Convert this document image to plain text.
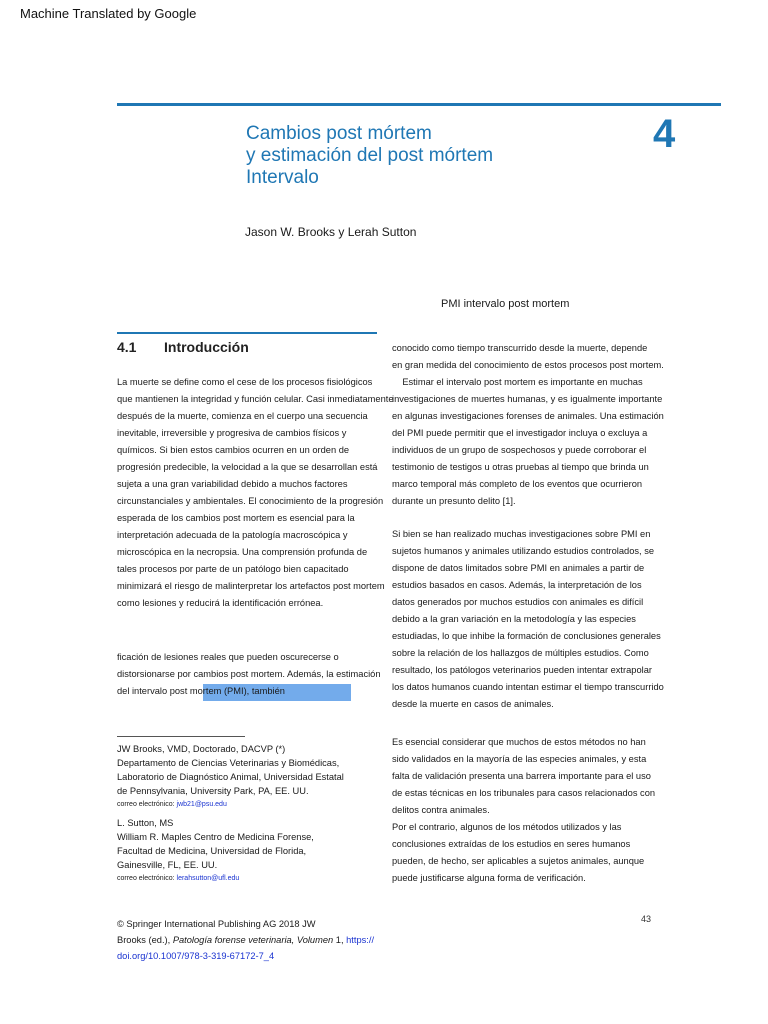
Machine Translated by Google
Cambios post mórtem
y estimación del post mórtem
Intervalo
4
Jason W. Brooks y Lerah Sutton
PMI intervalo post mortem
4.1 Introducción
La muerte se define como el cese de los procesos fisiológicos
que mantienen la integridad y función celular. Casi inmediatamente
después de la muerte, comienza en el cuerpo una secuencia
inevitable, irreversible y progresiva de cambios físicos y
químicos. Si bien estos cambios ocurren en un orden de
progresión predecible, la velocidad a la que se desarrollan está
sujeta a una gran variabilidad debido a muchos factores
circunstanciales y ambientales. El conocimiento de la progresión
esperada de los cambios post mortem es esencial para la
interpretación adecuada de la patología macroscópica y
microscópica en la necropsia. Una comprensión profunda de
tales procesos por parte de un patólogo bien capacitado
minimizará el riesgo de malinterpretar los artefactos post mortem
como lesiones y reducirá la identificación errónea.
ficación de lesiones reales que pueden oscurecerse o
distorsionarse por cambios post mortem. Además, la estimación
del intervalo post mortem (PMI), también
conocido como tiempo transcurrido desde la muerte, depende
en gran medida del conocimiento de estos procesos post mortem.
Estimar el intervalo post mortem es importante en muchas
investigaciones de muertes humanas, y es igualmente importante
en algunas investigaciones forenses de animales. Una estimación
del PMI puede permitir que el investigador incluya o excluya a
individuos de un grupo de sospechosos y puede corroborar el
testimonio de testigos u otras pruebas al tiempo que brinda un
marco temporal más completo de los eventos que ocurrieron
durante un presunto delito [1].
Si bien se han realizado muchas investigaciones sobre PMI en
sujetos humanos y animales utilizando estudios controlados, se
dispone de datos limitados sobre PMI en animales a partir de
estudios basados en casos. Además, la interpretación de los
datos generados por muchos estudios con animales es difícil
debido a la gran variación en la metodología y las especies
estudiadas, lo que inhibe la formación de conclusiones generales
sobre la relación de los hallazgos de múltiples estudios. Como
resultado, los patólogos veterinarios pueden intentar extrapolar
los datos humanos cuando intentan estimar el tiempo transcurrido
desde la muerte en casos de animales.
Es esencial considerar que muchos de estos métodos no han
sido validados en la mayoría de las especies animales, y esta
falta de validación presenta una barrera importante para el uso
de estas técnicas en los tribunales para casos relacionados con
delitos contra animales.
Por el contrario, algunos de los métodos utilizados y las
conclusiones extraídas de los estudios en seres humanos
pueden, de hecho, ser aplicables a sujetos animales, aunque
puede justificarse alguna forma de verificación.
JW Brooks, VMD, Doctorado, DACVP (*)
Departamento de Ciencias Veterinarias y Biomédicas,
Laboratorio de Diagnóstico Animal, Universidad Estatal
de Pennsylvania, University Park, PA, EE. UU.
correo electrónico: jwb21@psu.edu
L. Sutton, MS
William R. Maples Centro de Medicina Forense,
Facultad de Medicina, Universidad de Florida,
Gainesville, FL, EE. UU.
correo electrónico: lerahsutton@ufl.edu
43
© Springer International Publishing AG 2018 JW
Brooks (ed.), Patología forense veterinaria, Volumen 1, https://
doi.org/10.1007/978-3-319-67172-7_4
